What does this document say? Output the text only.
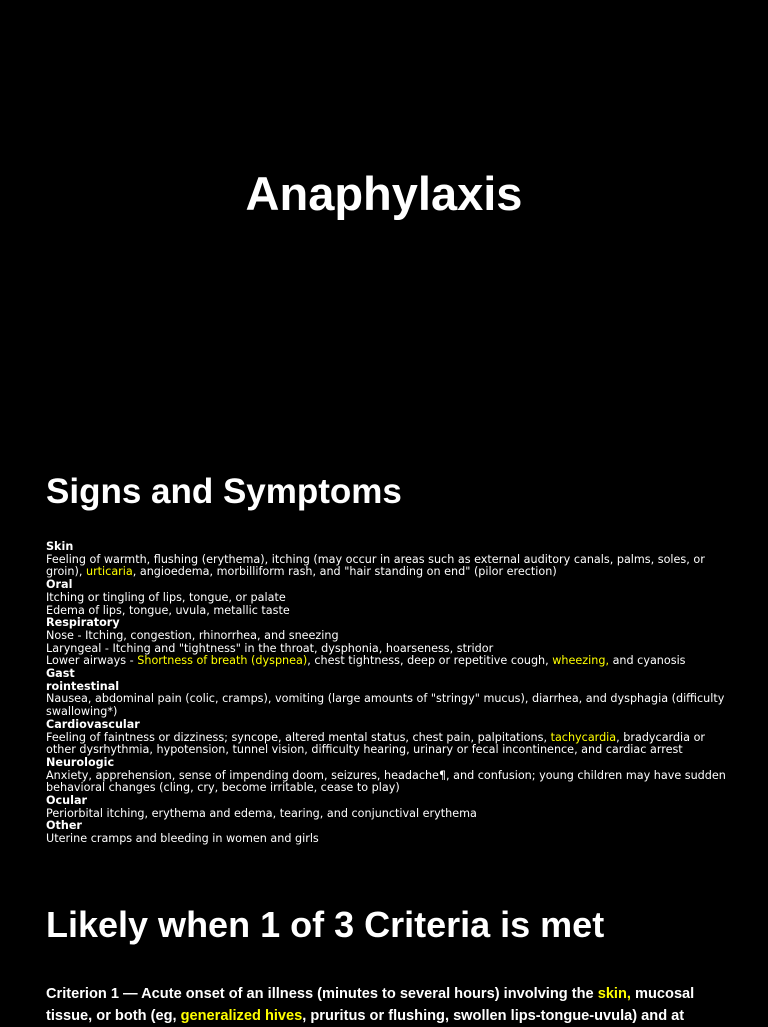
Anaphylaxis
Signs and Symptoms
Skin
Feeling of warmth, flushing (erythema), itching (may occur in areas such as external auditory canals, palms, soles, or groin), urticaria, angioedema, morbilliform rash, and "hair standing on end" (pilor erection)
Oral
Itching or tingling of lips, tongue, or palate
Edema of lips, tongue, uvula, metallic taste
Respiratory
Nose - Itching, congestion, rhinorrhea, and sneezing
Laryngeal - Itching and "tightness" in the throat, dysphonia, hoarseness, stridor
Lower airways - Shortness of breath (dyspnea), chest tightness, deep or repetitive cough, wheezing, and cyanosis
Gast
rointestinal
Nausea, abdominal pain (colic, cramps), vomiting (large amounts of "stringy" mucus), diarrhea, and dysphagia (difficulty swallowing*)
Cardiovascular
Feeling of faintness or dizziness; syncope, altered mental status, chest pain, palpitations, tachycardia, bradycardia or other dysrhythmia, hypotension, tunnel vision, difficulty hearing, urinary or fecal incontinence, and cardiac arrest
Neurologic
Anxiety, apprehension, sense of impending doom, seizures, headache¶, and confusion; young children may have sudden behavioral changes (cling, cry, become irritable, cease to play)
Ocular
Periorbital itching, erythema and edema, tearing, and conjunctival erythema
Other
Uterine cramps and bleeding in women and girls
Likely when 1 of 3 Criteria is met
Criterion 1 — Acute onset of an illness (minutes to several hours) involving the skin, mucosal tissue, or both (eg, generalized hives, pruritus or flushing, swollen lips-tongue-uvula) and at
